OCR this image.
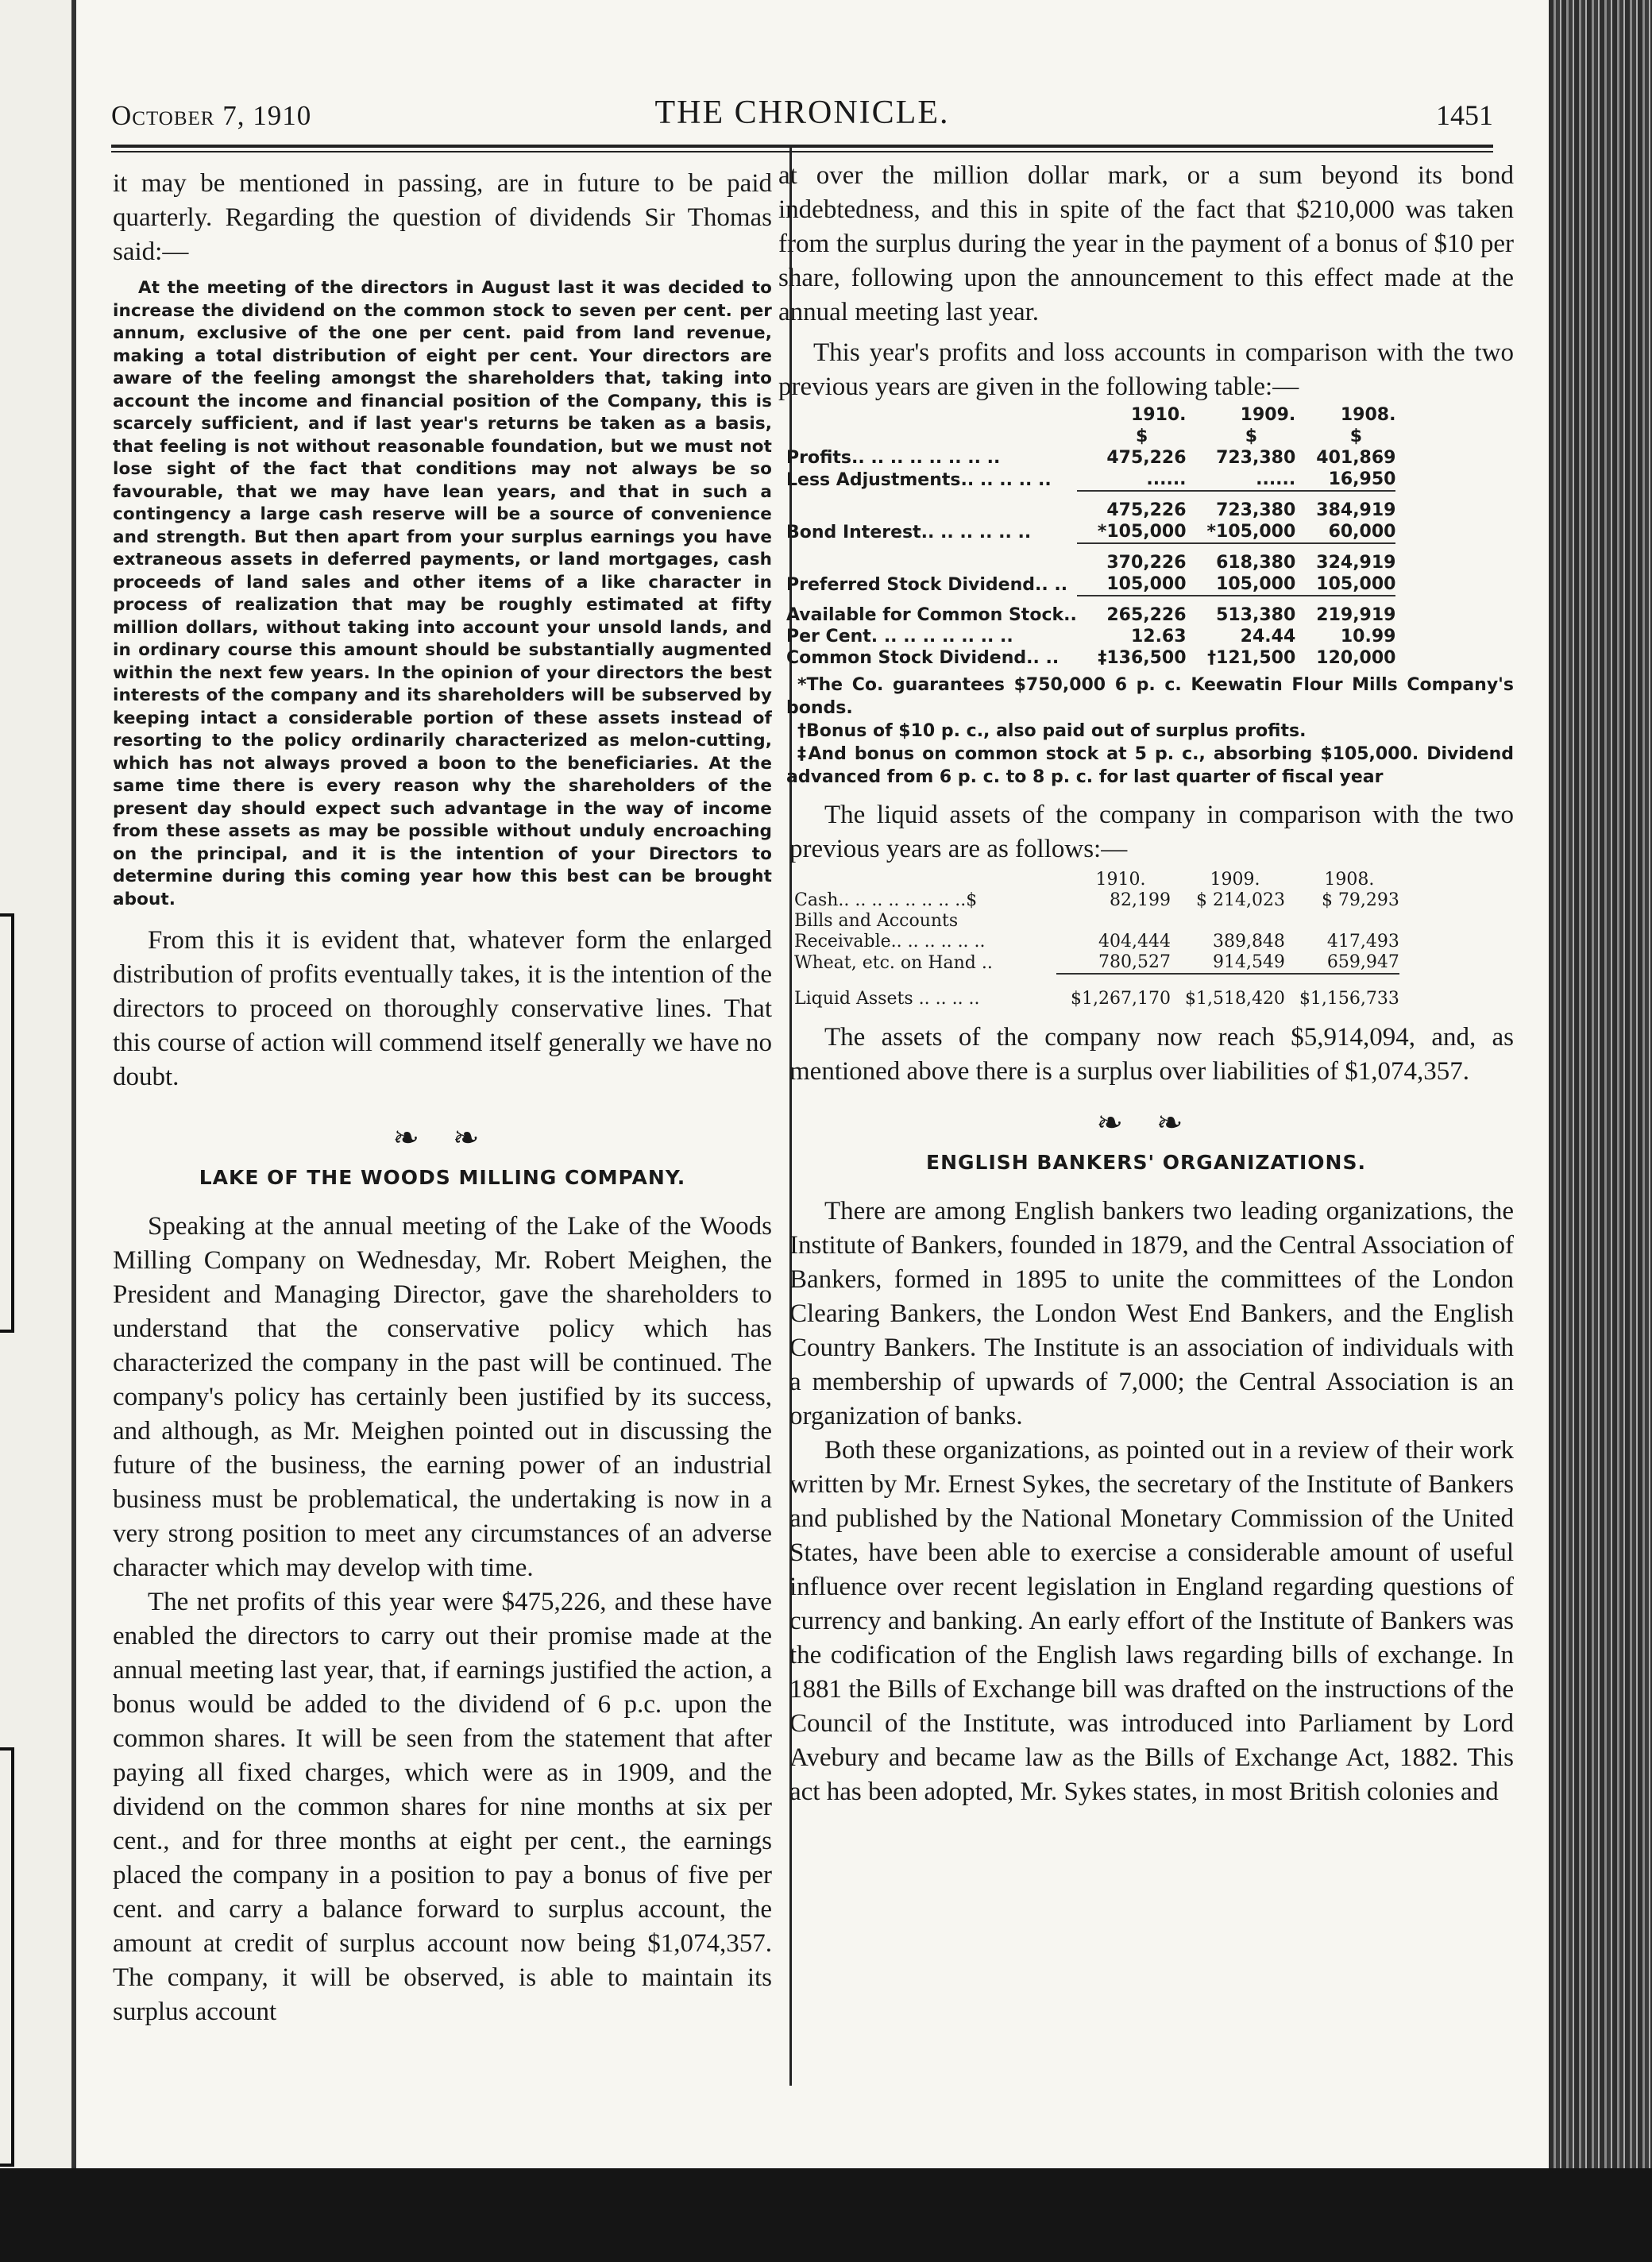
THE CHRONICLE.
October 7, 1910	1451

it may be mentioned in passing, are in future to be paid quarterly. Regarding the question of dividends Sir Thomas said:—

At the meeting of the directors in August last it was decided to increase the dividend on the common stock to seven per cent. per annum, exclusive of the one per cent. paid from land revenue, making a total distribution of eight per cent. Your directors are aware of the feeling amongst the shareholders that, taking into account the income and financial position of the Company, this is scarcely sufficient, and if last year's returns be taken as a basis, that feeling is not without reasonable foundation, but we must not lose sight of the fact that conditions may not always be so favourable, that we may have lean years, and that in such a contingency a large cash reserve will be a source of convenience and strength. But then apart from your surplus earnings you have extraneous assets in deferred payments, or land mortgages, cash proceeds of land sales and other items of a like character in process of realization that may be roughly estimated at fifty million dollars, without taking into account your unsold lands, and in ordinary course this amount should be substantially augmented within the next few years. In the opinion of your directors the best interests of the company and its shareholders will be subserved by keeping intact a considerable portion of these assets instead of resorting to the policy ordinarily characterized as melon-cutting, which has not always proved a boon to the beneficiaries. At the same time there is every reason why the shareholders of the present day should expect such advantage in the way of income from these assets as may be possible without unduly encroaching on the principal, and it is the intention of your Directors to determine during this coming year how this best can be brought about.

From this it is evident that, whatever form the enlarged distribution of profits eventually takes, it is the intention of the directors to proceed on thoroughly conservative lines. That this course of action will commend itself generally we have no doubt.

❧ ❧
LAKE OF THE WOODS MILLING COMPANY.

Speaking at the annual meeting of the Lake of the Woods Milling Company on Wednesday, Mr. Robert Meighen, the President and Managing Director, gave the shareholders to understand that the conservative policy which has characterized the company in the past will be continued. The company's policy has certainly been justified by its success, and although, as Mr. Meighen pointed out in discussing the future of the business, the earning power of an industrial business must be problematical, the undertaking is now in a very strong position to meet any circumstances of an adverse character which may develop with time.

The net profits of this year were $475,226, and these have enabled the directors to carry out their promise made at the annual meeting last year, that, if earnings justified the action, a bonus would be added to the dividend of 6 p.c. upon the common shares. It will be seen from the statement that after paying all fixed charges, which were as in 1909, and the dividend on the common shares for nine months at six per cent., and for three months at eight per cent., the earnings placed the company in a position to pay a bonus of five per cent. and carry a balance forward to surplus account, the amount at credit of surplus account now being $1,074,357. The company, it will be observed, is able to maintain its surplus account

at over the million dollar mark, or a sum beyond its bond indebtedness, and this in spite of the fact that $210,000 was taken from the surplus during the year in the payment of a bonus of $10 per share, following upon the announcement to this effect made at the annual meeting last year.

This year's profits and loss accounts in comparison with the two previous years are given in the following table:—

	1910.	1909.	1908.
	$	$	$
Profits.. .. .. .. .. .. .. ..	475,226	723,380	401,869
Less Adjustments.. .. .. .. ..	......	......	16,950
	475,226	723,380	384,919
Bond Interest.. .. .. .. .. ..	*105,000	*105,000	60,000
	370,226	618,380	324,919
Preferred Stock Dividend.. ..	105,000	105,000	105,000
Available for Common Stock..	265,226	513,380	219,919
Per Cent. .. .. .. .. .. .. ..	12.63	24.44	10.99
Common Stock Dividend.. ..	‡136,500	†121,500	120,000

*The Co. guarantees $750,000 6 p. c. Keewatin Flour Mills Company's bonds.

†Bonus of $10 p. c., also paid out of surplus profits.

‡And bonus on common stock at 5 p. c., absorbing $105,000. Dividend advanced from 6 p. c. to 8 p. c. for last quarter of fiscal year

The liquid assets of the company in comparison with the two previous years are as follows:—

	1910.	1909.	1908.
Cash.. .. .. .. .. .. .. ..$	82,199	$ 214,023	$ 79,293
Bills and Accounts Receivable.. .. .. .. .. ..	404,444	389,848	417,493
Wheat, etc. on Hand ..	780,527	914,549	659,947
Liquid Assets .. .. .. ..	$1,267,170	$1,518,420	$1,156,733

The assets of the company now reach $5,914,094, and, as mentioned above there is a surplus over liabilities of $1,074,357.

❧ ❧
ENGLISH BANKERS' ORGANIZATIONS.

There are among English bankers two leading organizations, the Institute of Bankers, founded in 1879, and the Central Association of Bankers, formed in 1895 to unite the committees of the London Clearing Bankers, the London West End Bankers, and the English Country Bankers. The Institute is an association of individuals with a membership of upwards of 7,000; the Central Association is an organization of banks.

Both these organizations, as pointed out in a review of their work written by Mr. Ernest Sykes, the secretary of the Institute of Bankers and published by the National Monetary Commission of the United States, have been able to exercise a considerable amount of useful influence over recent legislation in England regarding questions of currency and banking. An early effort of the Institute of Bankers was the codification of the English laws regarding bills of exchange. In 1881 the Bills of Exchange bill was drafted on the instructions of the Council of the Institute, was introduced into Parliament by Lord Avebury and became law as the Bills of Exchange Act, 1882. This act has been adopted, Mr. Sykes states, in most British colonies and
